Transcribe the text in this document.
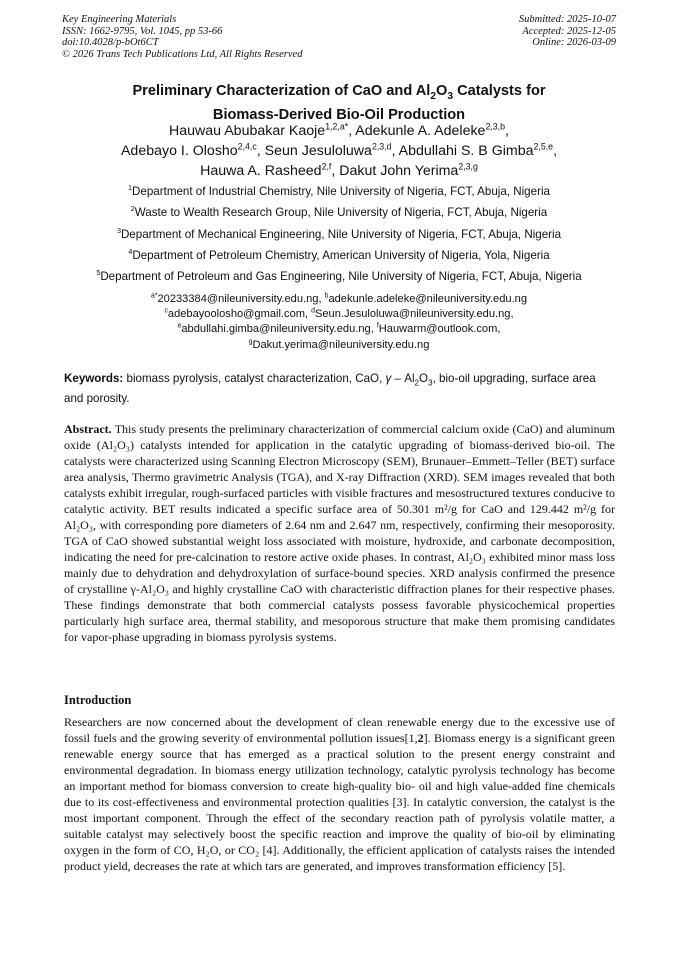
Key Engineering Materials
ISSN: 1662-9795, Vol. 1045, pp 53-66
doi:10.4028/p-bOt6CT
© 2026 Trans Tech Publications Ltd, All Rights Reserved
Submitted: 2025-10-07
Accepted: 2025-12-05
Online: 2026-03-09
Preliminary Characterization of CaO and $Al_2O_3$ Catalysts for
Biomass-Derived Bio-Oil Production
Hauwau Abubakar Kaoje$^{1,2,a*}$, Adekunle A. Adeleke$^{2,3,b}$,
Adebayo I. Olosho$^{2,4,c}$, Seun Jesuloluwa$^{2,3,d}$, Abdullahi S. B Gimba$^{2,5,e}$,
Hauwa A. Rasheed$^{2,f}$, Dakut John Yerima$^{2,3,g}$
$^1$Department of Industrial Chemistry, Nile University of Nigeria, FCT, Abuja, Nigeria
$^2$Waste to Wealth Research Group, Nile University of Nigeria, FCT, Abuja, Nigeria
$^3$Department of Mechanical Engineering, Nile University of Nigeria, FCT, Abuja, Nigeria
$^4$Department of Petroleum Chemistry, American University of Nigeria, Yola, Nigeria
$^5$Department of Petroleum and Gas Engineering, Nile University of Nigeria, FCT, Abuja, Nigeria
$^{a*}$20233384@nileuniversity.edu.ng, $^b$adekunle.adeleke@nileuniversity.edu.ng
$^c$adebayoolosho@gmail.com, $^d$Seun.Jesuloluwa@nileuniversity.edu.ng,
$^e$abdullahi.gimba@nileuniversity.edu.ng, $^f$Hauwarm@outlook.com,
$^g$Dakut.yerima@nileuniversity.edu.ng
Keywords: biomass pyrolysis, catalyst characterization, CaO, γ – $Al_2O_3$, bio-oil upgrading, surface area and porosity.
Abstract. This study presents the preliminary characterization of commercial calcium oxide (CaO) and aluminum oxide (Al₂O₃) catalysts intended for application in the catalytic upgrading of biomass-derived bio-oil. The catalysts were characterized using Scanning Electron Microscopy (SEM), Brunauer–Emmett–Teller (BET) surface area analysis, Thermo gravimetric Analysis (TGA), and X-ray Diffraction (XRD). SEM images revealed that both catalysts exhibit irregular, rough-surfaced particles with visible fractures and mesostructured textures conducive to catalytic activity. BET results indicated a specific surface area of 50.301 m²/g for CaO and 129.442 m²/g for Al₂O₃, with corresponding pore diameters of 2.64 nm and 2.647 nm, respectively, confirming their mesoporosity. TGA of CaO showed substantial weight loss associated with moisture, hydroxide, and carbonate decomposition, indicating the need for pre-calcination to restore active oxide phases. In contrast, Al₂O₃ exhibited minor mass loss mainly due to dehydration and dehydroxylation of surface-bound species. XRD analysis confirmed the presence of crystalline γ-Al₂O₃ and highly crystalline CaO with characteristic diffraction planes for their respective phases. These findings demonstrate that both commercial catalysts possess favorable physicochemical properties particularly high surface area, thermal stability, and mesoporous structure that make them promising candidates for vapor-phase upgrading in biomass pyrolysis systems.
Introduction
Researchers are now concerned about the development of clean renewable energy due to the excessive use of fossil fuels and the growing severity of environmental pollution issues[1,2]. Biomass energy is a significant green renewable energy source that has emerged as a practical solution to the present energy constraint and environmental degradation. In biomass energy utilization technology, catalytic pyrolysis technology has become an important method for biomass conversion to create high-quality bio- oil and high value-added fine chemicals due to its cost-effectiveness and environmental protection qualities [3]. In catalytic conversion, the catalyst is the most important component. Through the effect of the secondary reaction path of pyrolysis volatile matter, a suitable catalyst may selectively boost the specific reaction and improve the quality of bio-oil by eliminating oxygen in the form of CO, H₂O, or CO₂ [4]. Additionally, the efficient application of catalysts raises the intended product yield, decreases the rate at which tars are generated, and improves transformation efficiency [5].
